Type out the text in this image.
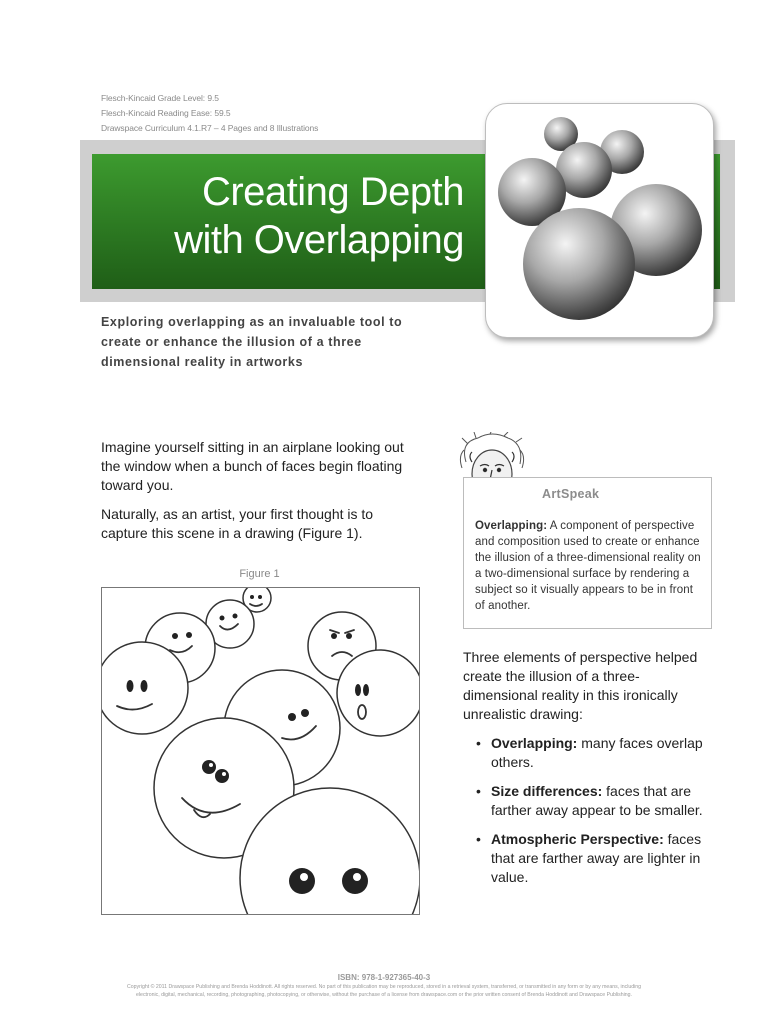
Flesch-Kincaid Grade Level: 9.5
Flesch-Kincaid Reading Ease: 59.5
Drawspace Curriculum 4.1.R7 – 4 Pages and 8 Illustrations
Creating Depth
with Overlapping
Exploring overlapping as an invaluable tool to create or enhance the illusion of a three dimensional reality in artworks

Imagine yourself sitting in an airplane looking out the window when a bunch of faces begin floating toward you.

Naturally, as an artist, your first thought is to capture this scene in a drawing (Figure 1).

Figure 1
ArtSpeak
Overlapping: A component of perspective and composition used to create or enhance the illusion of a three-dimensional reality on a two-dimensional surface by rendering a subject so it visually appears to be in front of another.

Three elements of perspective helped create the illusion of a three-dimensional reality in this ironically unrealistic drawing:

• Overlapping: many faces overlap others.
• Size differences: faces that are farther away appear to be smaller.
• Atmospheric Perspective: faces that are farther away are lighter in value.
ISBN: 978-1-927365-40-3
Copyright © 2011 Drawspace Publishing and Brenda Hoddinott. All rights reserved. No part of this publication may be reproduced, stored in a retrieval system, transferred, or transmitted in any form or by any means, including
electronic, digital, mechanical, recording, photographing, photocopying, or otherwise, without the purchase of a license from drawspace.com or the prior written consent of Brenda Hoddinott and Drawspace Publishing.
